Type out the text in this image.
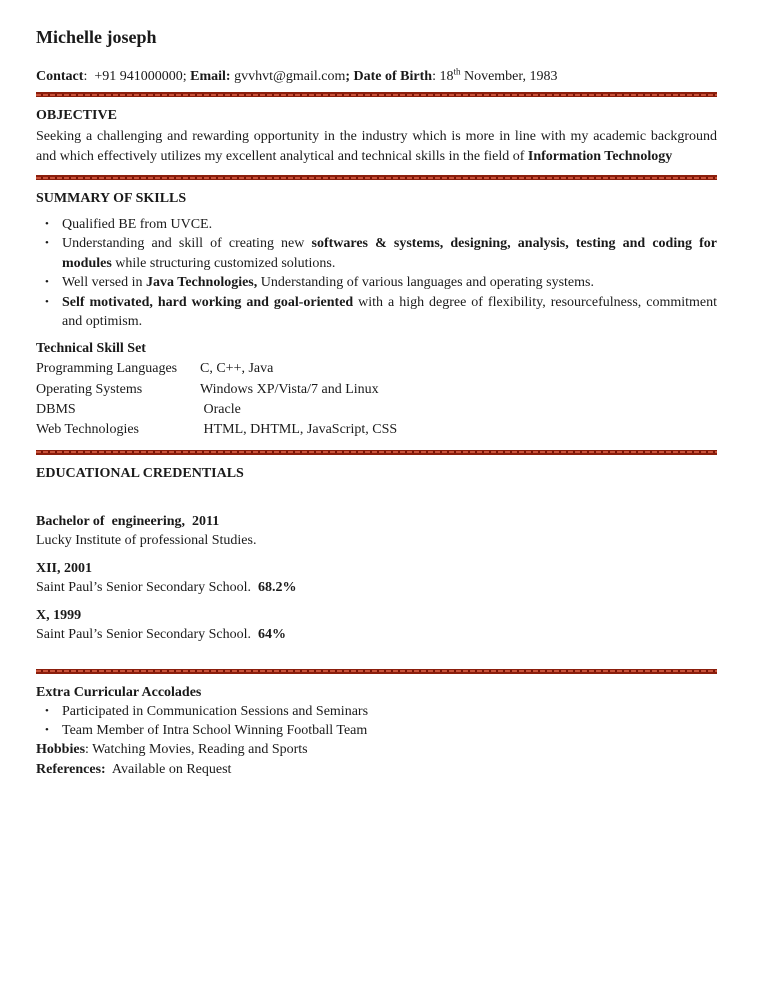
Michelle joseph
Contact:  +91 941000000; Email: gvvhvt@gmail.com; Date of Birth: 18th November, 1983
OBJECTIVE
Seeking a challenging and rewarding opportunity in the industry which is more in line with my academic background and which effectively utilizes my excellent analytical and technical skills in the field of Information Technology
SUMMARY OF SKILLS
• Qualified BE from UVCE.
• Understanding and skill of creating new softwares & systems, designing, analysis, testing and coding for modules while structuring customized solutions.
• Well versed in Java Technologies, Understanding of various languages and operating systems.
• Self motivated, hard working and goal-oriented with a high degree of flexibility, resourcefulness, commitment and optimism.
Technical Skill Set
Programming Languages	C, C++, Java
Operating Systems	Windows XP/Vista/7 and Linux
DBMS	Oracle
Web Technologies	HTML, DHTML, JavaScript, CSS
EDUCATIONAL CREDENTIALS
Bachelor of  engineering,  2011
Lucky Institute of professional Studies.
XII, 2001
Saint Paul’s Senior Secondary School.  68.2%
X, 1999
Saint Paul’s Senior Secondary School.  64%
Extra Curricular Accolades
• Participated in Communication Sessions and Seminars
• Team Member of Intra School Winning Football Team
Hobbies: Watching Movies, Reading and Sports
References:  Available on Request
